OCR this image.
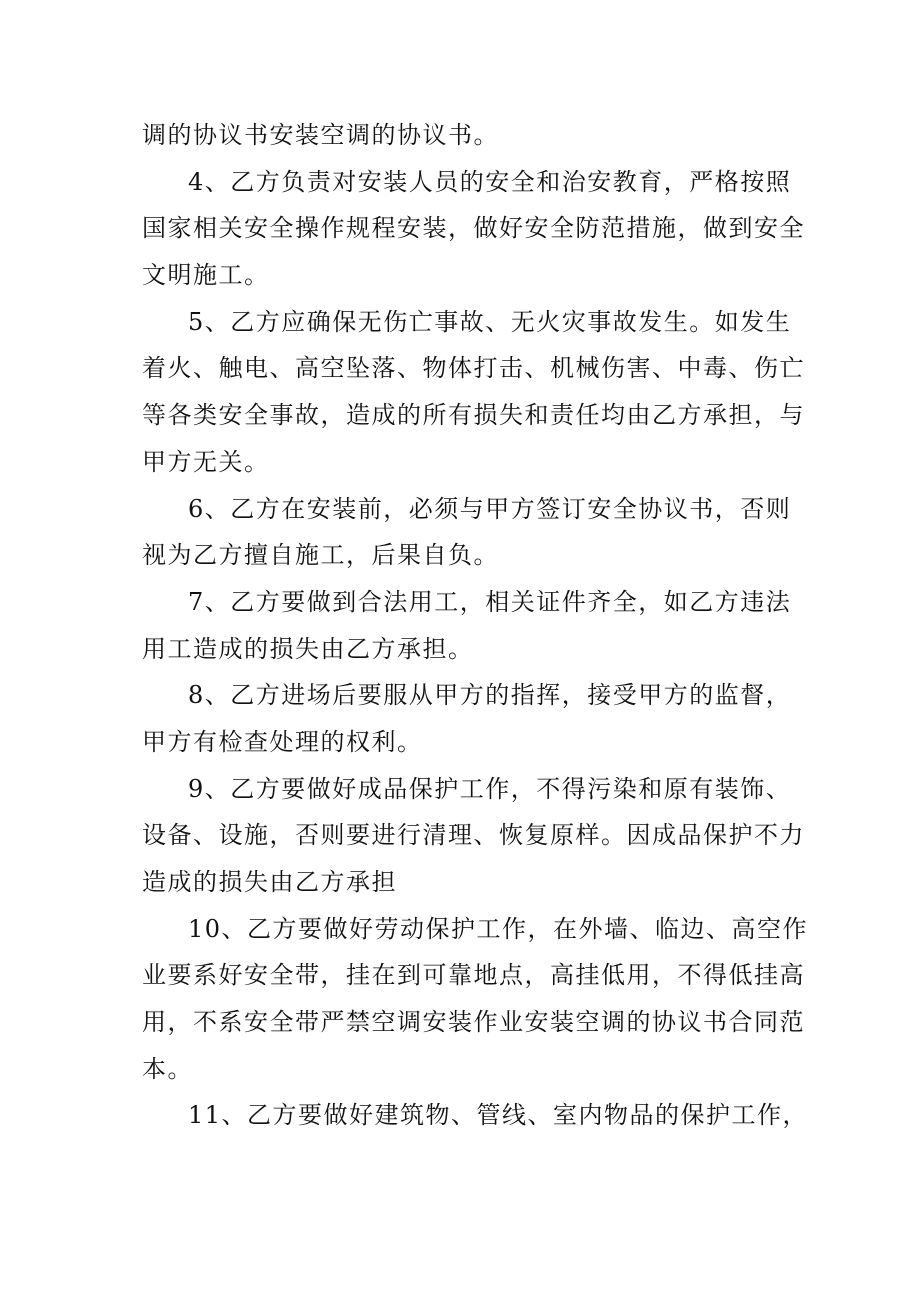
调的协议书安装空调的协议书。
4、乙方负责对安装人员的安全和治安教育，严格按照
国家相关安全操作规程安装，做好安全防范措施，做到安全
文明施工。
5、乙方应确保无伤亡事故、无火灾事故发生。如发生
着火、触电、高空坠落、物体打击、机械伤害、中毒、伤亡
等各类安全事故，造成的所有损失和责任均由乙方承担，与
甲方无关。
6、乙方在安装前，必须与甲方签订安全协议书，否则
视为乙方擅自施工，后果自负。
7、乙方要做到合法用工，相关证件齐全，如乙方违法
用工造成的损失由乙方承担。
8、乙方进场后要服从甲方的指挥，接受甲方的监督，
甲方有检查处理的权利。
9、乙方要做好成品保护工作，不得污染和原有装饰、
设备、设施，否则要进行清理、恢复原样。因成品保护不力
造成的损失由乙方承担
10、乙方要做好劳动保护工作，在外墙、临边、高空作
业要系好安全带，挂在到可靠地点，高挂低用，不得低挂高
用，不系安全带严禁空调安装作业安装空调的协议书合同范
本。
11、乙方要做好建筑物、管线、室内物品的保护工作，
